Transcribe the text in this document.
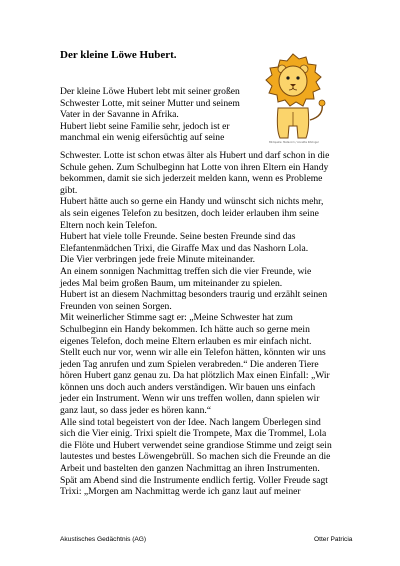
Der kleine Löwe Hubert.
Bildquelle: Metacom / Annette Kitzinger
Der kleine Löwe Hubert lebt mit seiner großen
Schwester Lotte, mit seiner Mutter und seinem
Vater in der Savanne in Afrika.
Hubert liebt seine Familie sehr, jedoch ist er
manchmal ein wenig eifersüchtig auf seine
Schwester. Lotte ist schon etwas älter als Hubert und darf schon in die
Schule gehen. Zum Schulbeginn hat Lotte von ihren Eltern ein Handy
bekommen, damit sie sich jederzeit melden kann, wenn es Probleme
gibt.
Hubert hätte auch so gerne ein Handy und wünscht sich nichts mehr,
als sein eigenes Telefon zu besitzen, doch leider erlauben ihm seine
Eltern noch kein Telefon.
Hubert hat viele tolle Freunde. Seine besten Freunde sind das
Elefantenmädchen Trixi, die Giraffe Max und das Nashorn Lola.
Die Vier verbringen jede freie Minute miteinander.
An einem sonnigen Nachmittag treffen sich die vier Freunde, wie
jedes Mal beim großen Baum, um miteinander zu spielen.
Hubert ist an diesem Nachmittag besonders traurig und erzählt seinen
Freunden von seinen Sorgen.
Mit weinerlicher Stimme sagt er: „Meine Schwester hat zum
Schulbeginn ein Handy bekommen. Ich hätte auch so gerne mein
eigenes Telefon, doch meine Eltern erlauben es mir einfach nicht.
Stellt euch nur vor, wenn wir alle ein Telefon hätten, könnten wir uns
jeden Tag anrufen und zum Spielen verabreden.“ Die anderen Tiere
hören Hubert ganz genau zu. Da hat plötzlich Max einen Einfall: „Wir
können uns doch auch anders verständigen. Wir bauen uns einfach
jeder ein Instrument. Wenn wir uns treffen wollen, dann spielen wir
ganz laut, so dass jeder es hören kann.“
Alle sind total begeistert von der Idee. Nach langem Überlegen sind
sich die Vier einig. Trixi spielt die Trompete, Max die Trommel, Lola
die Flöte und Hubert verwendet seine grandiose Stimme und zeigt sein
lautestes und bestes Löwengebrüll. So machen sich die Freunde an die
Arbeit und bastelten den ganzen Nachmittag an ihren Instrumenten.
Spät am Abend sind die Instrumente endlich fertig. Voller Freude sagt
Trixi: „Morgen am Nachmittag werde ich ganz laut auf meiner
Akustisches Gedächtnis (AG)	Otter Patricia
